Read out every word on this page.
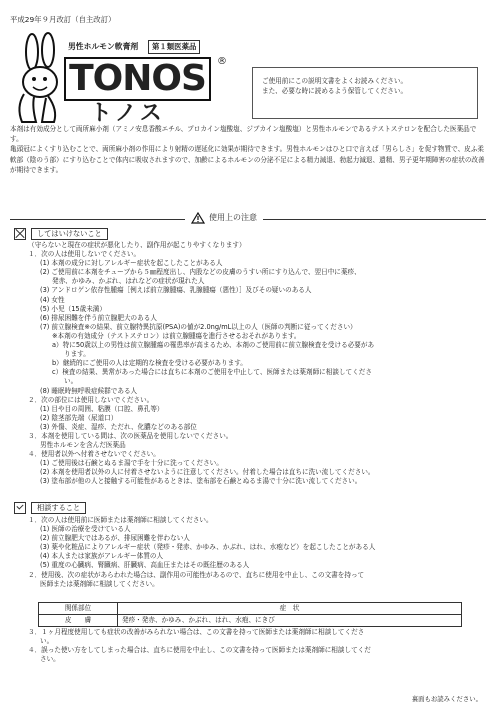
平成29年９月改訂（自主改訂）
男性ホルモン軟膏剤	第１類医薬品
TONOS
トノス
®
ご使用前にこの説明文書をよくお読みください。
また、必要な時に読めるよう保管してください。

本剤は有効成分として両所麻小剤（アミノ安息香酸エチル、プロカイン塩酸塩、ジブカイン塩酸塩）と男性ホルモンであるテストステロンを配合した医薬品です。

亀頭冠によくすり込むことで、両所麻小剤の作用により射精の遅延化に効果が期待できます。男性ホルモンはひと口で言えば「男らしさ」を促す物質で、皮ふ柔軟部（陰のう部）にすり込むことで体内に吸収されますので、加齢によるホルモンの分泌不足による精力減退、勃起力減退、遺精、男子更年期障害の症状の改善が期待できます。

使用上の注意
してはいけないこと
（守らないと現在の症状が悪化したり、副作用が起こりやすくなります）
１．次の人は使用しないでください。
(1) 本剤の成分に対しアレルギー症状を起こしたことがある人
(2) ご使用前に本剤をチューブから５㎜程度出し、内股などの皮膚のうすい所にすり込んで、翌日中に薬疹、
発赤、かゆみ、かぶれ、はれなどの症状が現れた人
(3) アンドロゲン依存性腫瘍［例えば前立腺腫瘍、乳腺腫瘍（悪性）］及びその疑いのある人
(4) 女性
(5) 小児（15歳未満）
(6) 排尿困難を伴う前立腺肥大のある人
(7) 前立腺検査※の結果、前立腺特異抗原(PSA)の値が2.0ng/mL以上の人（医師の判断に従ってください）
※本剤の有効成分（テストステロン）は前立腺腫瘍を進行させるおそれがあります。
a）特に50歳以上の男性は前立腺腫瘍の罹患率が高まるため、本剤のご使用前に前立腺検査を受ける必要があ
ります。
b）継続的にご使用の人は定期的な検査を受ける必要があります。
c）検査の結果、異常があった場合には直ちに本剤のご使用を中止して、医師または薬剤師に相談してくださ
い。
(8) 睡眠時無呼吸症候群である人
２．次の部位には使用しないでください。
(1) 目や目の周囲、粘膜（口腔、鼻孔等）
(2) 陰茎部先端（尿道口）
(3) 外傷、炎症、湿疹、ただれ、化膿などのある部位
３．本剤を使用している間は、次の医薬品を使用しないでください。
男性ホルモンを含んだ医薬品
４．使用者以外へ付着させないでください。
(1) ご使用後は石鹸とぬるま湯で手を十分に洗ってください。
(2) 本剤を使用者以外の人に付着させないように注意してください。付着した場合は直ちに洗い流してください。
(3) 塗布部が他の人と接触する可能性があるときは、塗布部を石鹸とぬるま湯で十分に洗い流してください。
相談すること
１．次の人は使用前に医師または薬剤師に相談してください。
(1) 医師の治療を受けている人
(2) 前立腺肥大ではあるが、排尿困難を伴わない人
(3) 薬や化粧品によりアレルギー症状（発疹・発赤、かゆみ、かぶれ、はれ、水疱など）を起こしたことがある人
(4) 本人または家族がアレルギー体質の人
(5) 重度の心臓病、腎臓病、肝臓病、高血圧またはその既往歴のある人
２．使用後、次の症状があらわれた場合は、副作用の可能性があるので、直ちに使用を中止し、この文書を持って
医師または薬剤師に相談してください。
関係部位	症　状
皮　　膚	発疹・発赤、かゆみ、かぶれ、はれ、水疱、にきび
３．１ヶ月程度使用しても症状の改善がみられない場合は、この文書を持って医師または薬剤師に相談してくださ
い。
４．誤った使い方をしてしまった場合は、直ちに使用を中止し、この文書を持って医師または薬剤師に相談してくだ
さい。
裏面もお読みください。
